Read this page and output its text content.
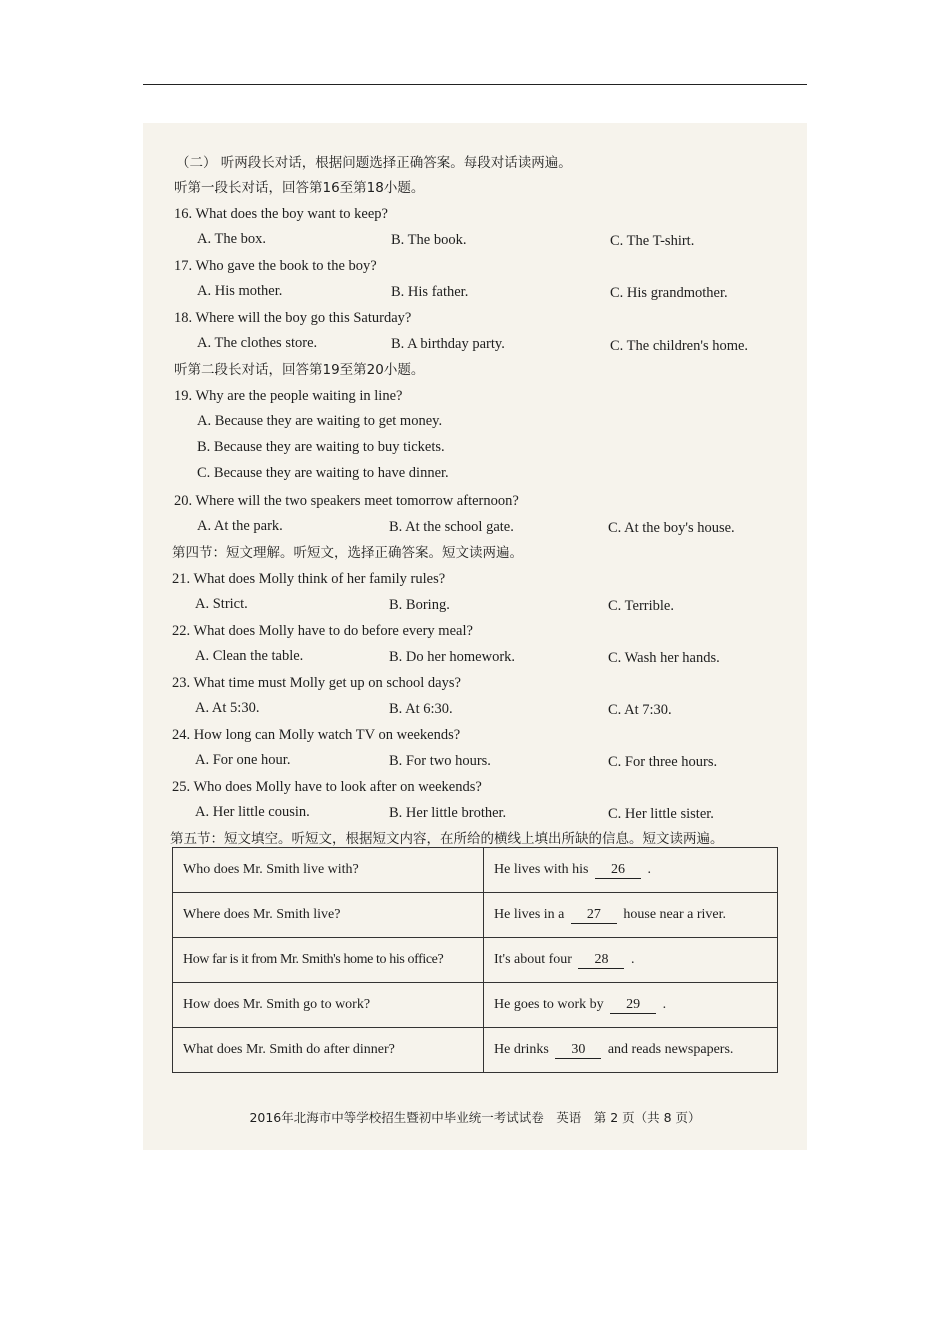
（二） 听两段长对话，根据问题选择正确答案。每段对话读两遍。
听第一段长对话，回答第16至第18小题。
16. What does the boy want to keep?
A. The box.	B. The book.	C. The T-shirt.
17. Who gave the book to the boy?
A. His mother.	B. His father.	C. His grandmother.
18. Where will the boy go this Saturday?
A. The clothes store.	B. A birthday party.	C. The children's home.
听第二段长对话，回答第19至第20小题。
19. Why are the people waiting in line?
A. Because they are waiting to get money.
B. Because they are waiting to buy tickets.
C. Because they are waiting to have dinner.
20. Where will the two speakers meet tomorrow afternoon?
A. At the park.	B. At the school gate.	C. At the boy's house.
第四节：短文理解。听短文，选择正确答案。短文读两遍。
21. What does Molly think of her family rules?
A. Strict.	B. Boring.	C. Terrible.
22. What does Molly have to do before every meal?
A. Clean the table.	B. Do her homework.	C. Wash her hands.
23. What time must Molly get up on school days?
A. At 5:30.	B. At 6:30.	C. At 7:30.
24. How long can Molly watch TV on weekends?
A. For one hour.	B. For two hours.	C. For three hours.
25. Who does Molly have to look after on weekends?
A. Her little cousin.	B. Her little brother.	C. Her little sister.
第五节：短文填空。听短文，根据短文内容，在所给的横线上填出所缺的信息。短文读两遍。
Who does Mr. Smith live with?	He lives with his 26 .
Where does Mr. Smith live?	He lives in a 27 house near a river.
How far is it from Mr. Smith's home to his office?	It's about four 28 .
How does Mr. Smith go to work?	He goes to work by 29 .
What does Mr. Smith do after dinner?	He drinks 30 and reads newspapers.
2016年北海市中等学校招生暨初中毕业统一考试试卷　英语　第 2 页（共 8 页）
